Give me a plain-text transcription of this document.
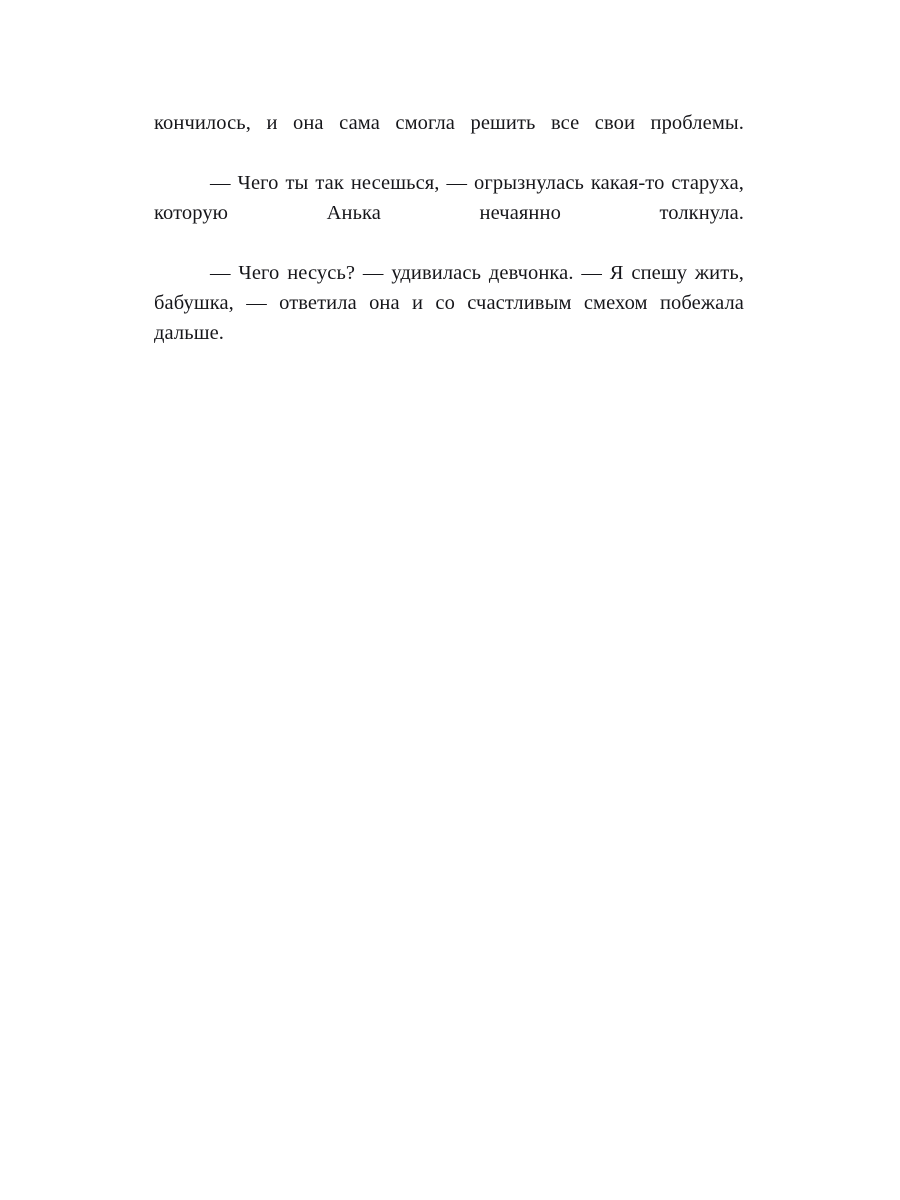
кончилось, и она сама смогла решить все свои проблемы.

— Чего ты так несешься, — огрызнулась какая-то старуха, которую Анька нечаянно толкнула.

— Чего несусь? — удивилась девчонка. — Я спешу жить, бабушка, — ответила она и со счастливым смехом побежала дальше.
